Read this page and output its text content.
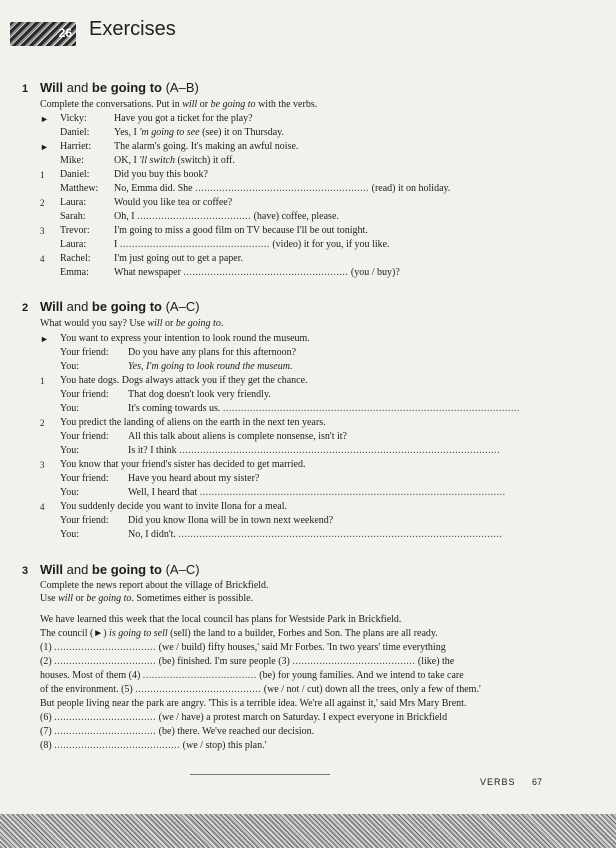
26 Exercises
1 Will and be going to (A–B)
Complete the conversations. Put in will or be going to with the verbs.
► Vicky:	Have you got a ticket for the play?
Daniel: Yes, I 'm going to see (see) it on Thursday.
► Harriet: The alarm's going. It's making an awful noise.
Mike:	OK, I 'll switch (switch) it off.
1 Daniel: Did you buy this book?
Matthew: No, Emma did. She .......................................................... (read) it on holiday.
2 Laura:	Would you like tea or coffee?
Sarah:	Oh, I ...................................... (have) coffee, please.
3 Trevor: I'm going to miss a good film on TV because I'll be out tonight.
Laura:	I .................................................. (video) it for you, if you like.
4 Rachel: I'm just going out to get a paper.
Emma:	What newspaper ....................................................... (you / buy)?
2 Will and be going to (A–C)
What would you say? Use will or be going to.
► You want to express your intention to look round the museum.
Your friend: Do you have any plans for this afternoon?
You:	Yes, I'm going to look round the museum.
1 You hate dogs. Dogs always attack you if they get the chance.
Your friend: That dog doesn't look very friendly.
You:	It's coming towards us. ...................................................................................................
2 You predict the landing of aliens on the earth in the next ten years.
Your friend: All this talk about aliens is complete nonsense, isn't it?
You:	Is it? I think ...........................................................................................................
3 You know that your friend's sister has decided to get married.
Your friend: Have you heard about my sister?
You:	Well, I heard that ......................................................................................................
4 You suddenly decide you want to invite Ilona for a meal.
Your friend: Did you know Ilona will be in town next weekend?
You:	No, I didn't. ............................................................................................................
3 Will and be going to (A–C)
Complete the news report about the village of Brickfield.
Use will or be going to. Sometimes either is possible.
We have learned this week that the local council has plans for Westside Park in Brickfield.
The council (►) is going to sell (sell) the land to a builder, Forbes and Son. The plans are all ready.
(1) .................................. (we / build) fifty houses,' said Mr Forbes. 'In two years' time everything
(2) .................................. (be) finished. I'm sure people (3) ......................................... (like) the
houses. Most of them (4) ...................................... (be) for young families. And we intend to take care
of the environment. (5) .......................................... (we / not / cut) down all the trees, only a few of them.'
But people living near the park are angry. 'This is a terrible idea. We're all against it,' said Mrs Mary Brent.
(6) .................................. (we / have) a protest march on Saturday. I expect everyone in Brickfield
(7) .................................. (be) there. We've reached our decision.
(8) .......................................... (we / stop) this plan.'
VERBS 67
